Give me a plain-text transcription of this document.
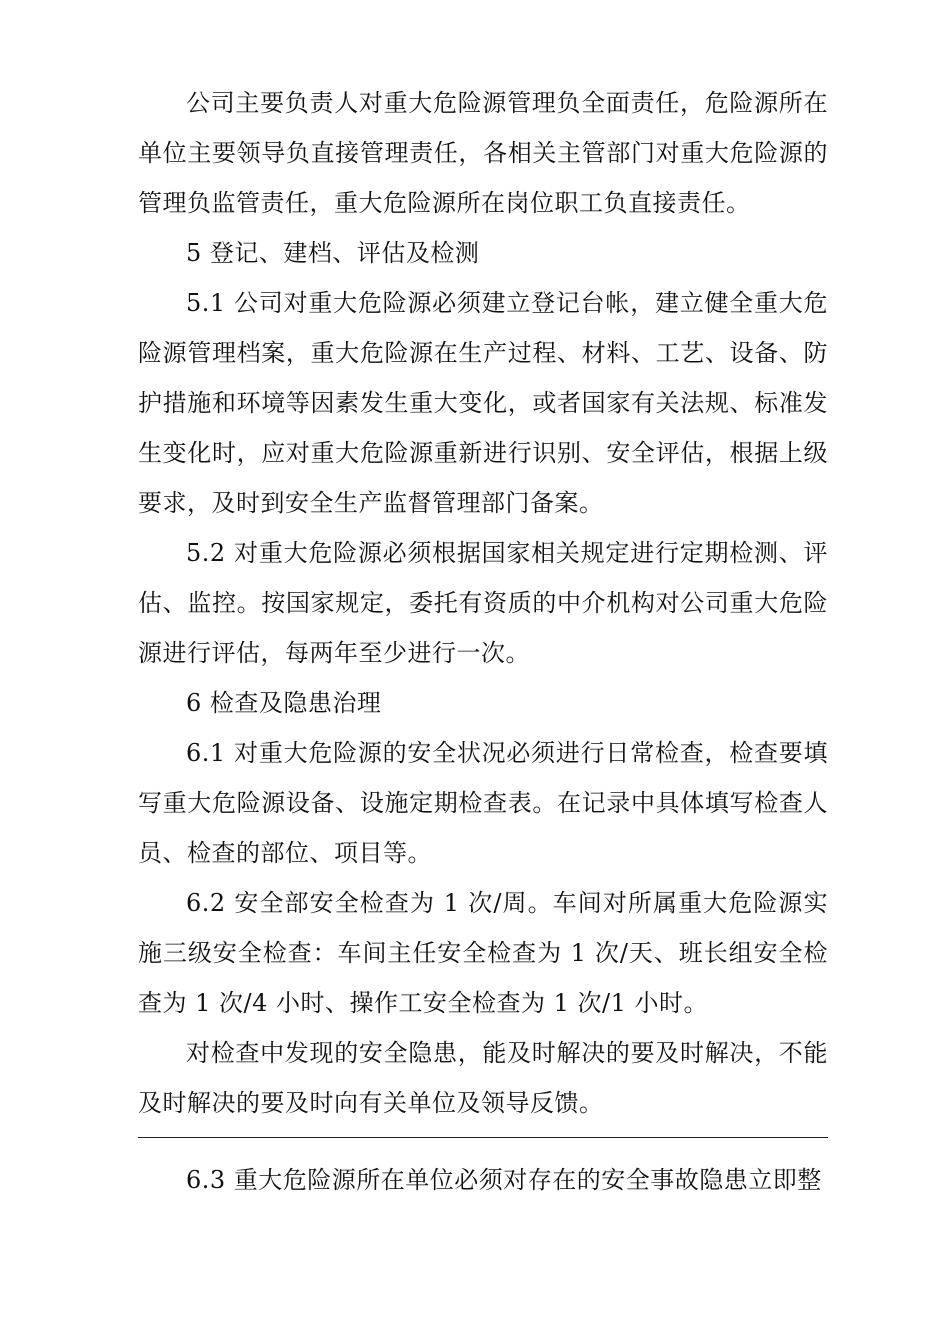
公司主要负责人对重大危险源管理负全面责任，危险源所在单位主要领导负直接管理责任，各相关主管部门对重大危险源的管理负监管责任，重大危险源所在岗位职工负直接责任。

5 登记、建档、评估及检测

5.1 公司对重大危险源必须建立登记台帐，建立健全重大危险源管理档案，重大危险源在生产过程、材料、工艺、设备、防护措施和环境等因素发生重大变化，或者国家有关法规、标准发生变化时，应对重大危险源重新进行识别、安全评估，根据上级要求，及时到安全生产监督管理部门备案。

5.2 对重大危险源必须根据国家相关规定进行定期检测、评估、监控。按国家规定，委托有资质的中介机构对公司重大危险源进行评估，每两年至少进行一次。

6 检查及隐患治理

6.1 对重大危险源的安全状况必须进行日常检查，检查要填写重大危险源设备、设施定期检查表。在记录中具体填写检查人员、检查的部位、项目等。

6.2 安全部安全检查为 1 次/周。车间对所属重大危险源实施三级安全检查：车间主任安全检查为 1 次/天、班长组安全检查为 1 次/4 小时、操作工安全检查为 1 次/1 小时。

对检查中发现的安全隐患，能及时解决的要及时解决，不能及时解决的要及时向有关单位及领导反馈。

6.3 重大危险源所在单位必须对存在的安全事故隐患立即整
